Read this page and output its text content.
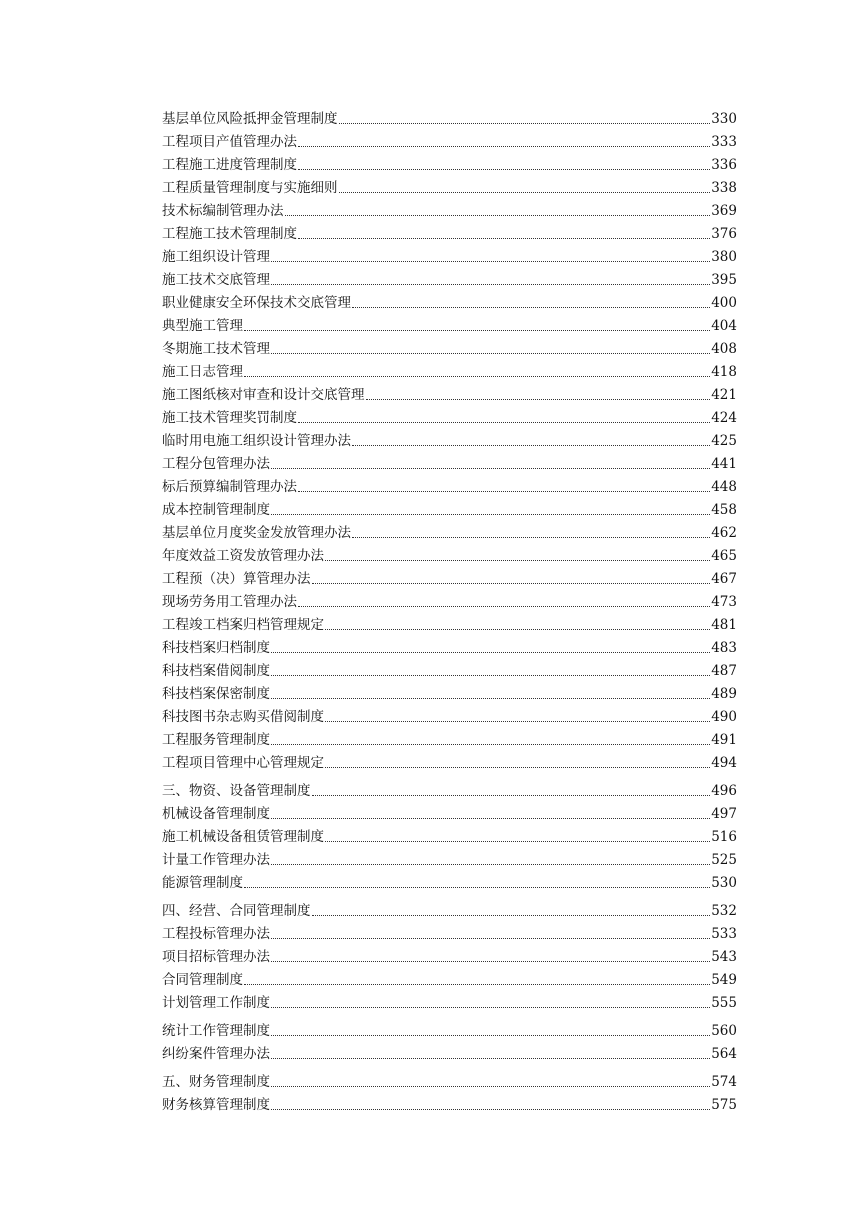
基层单位风险抵押金管理制度	330
工程项目产值管理办法	333
工程施工进度管理制度	336
工程质量管理制度与实施细则	338
技术标编制管理办法	369
工程施工技术管理制度	376
施工组织设计管理	380
施工技术交底管理	395
职业健康安全环保技术交底管理	400
典型施工管理	404
冬期施工技术管理	408
施工日志管理	418
施工图纸核对审查和设计交底管理	421
施工技术管理奖罚制度	424
临时用电施工组织设计管理办法	425
工程分包管理办法	441
标后预算编制管理办法	448
成本控制管理制度	458
基层单位月度奖金发放管理办法	462
年度效益工资发放管理办法	465
工程预（决）算管理办法	467
现场劳务用工管理办法	473
工程竣工档案归档管理规定	481
科技档案归档制度	483
科技档案借阅制度	487
科技档案保密制度	489
科技图书杂志购买借阅制度	490
工程服务管理制度	491
工程项目管理中心管理规定	494
三、物资、设备管理制度	496
机械设备管理制度	497
施工机械设备租赁管理制度	516
计量工作管理办法	525
能源管理制度	530
四、经营、合同管理制度	532
工程投标管理办法	533
项目招标管理办法	543
合同管理制度	549
计划管理工作制度	555
统计工作管理制度	560
纠纷案件管理办法	564
五、财务管理制度	574
财务核算管理制度	575
